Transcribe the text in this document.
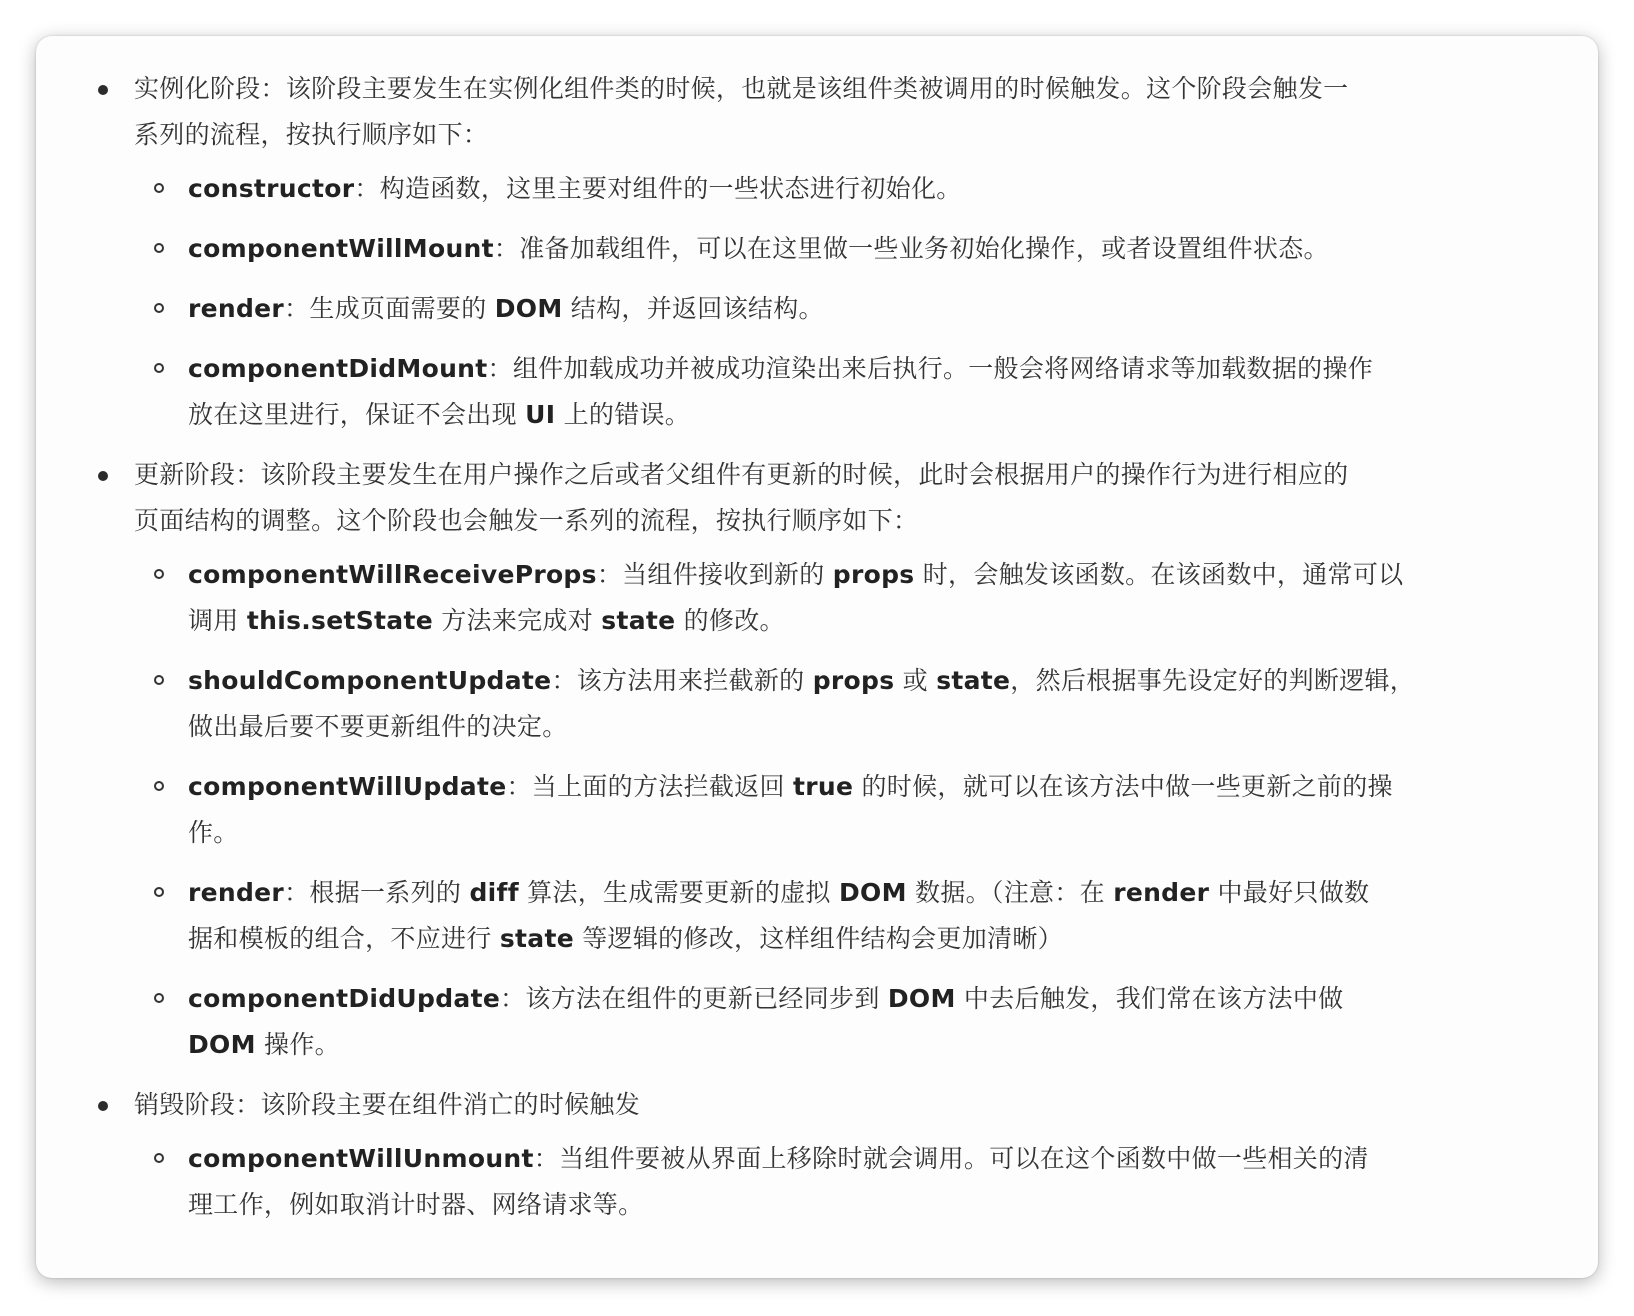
实例化阶段：该阶段主要发生在实例化组件类的时候，也就是该组件类被调用的时候触发。这个阶段会触发一
系列的流程，按执行顺序如下：
constructor：构造函数，这里主要对组件的一些状态进行初始化。
componentWillMount：准备加载组件，可以在这里做一些业务初始化操作，或者设置组件状态。
render：生成页面需要的 DOM 结构，并返回该结构。
componentDidMount：组件加载成功并被成功渲染出来后执行。一般会将网络请求等加载数据的操作
放在这里进行，保证不会出现 UI 上的错误。
更新阶段：该阶段主要发生在用户操作之后或者父组件有更新的时候，此时会根据用户的操作行为进行相应的
页面结构的调整。这个阶段也会触发一系列的流程，按执行顺序如下：
componentWillReceiveProps：当组件接收到新的 props 时，会触发该函数。在该函数中，通常可以
调用 this.setState 方法来完成对 state 的修改。
shouldComponentUpdate：该方法用来拦截新的 props 或 state，然后根据事先设定好的判断逻辑，
做出最后要不要更新组件的决定。
componentWillUpdate：当上面的方法拦截返回 true 的时候，就可以在该方法中做一些更新之前的操
作。
render：根据一系列的 diff 算法，生成需要更新的虚拟 DOM 数据。（注意：在 render 中最好只做数
据和模板的组合，不应进行 state 等逻辑的修改，这样组件结构会更加清晰）
componentDidUpdate：该方法在组件的更新已经同步到 DOM 中去后触发，我们常在该方法中做
DOM 操作。
销毁阶段：该阶段主要在组件消亡的时候触发
componentWillUnmount：当组件要被从界面上移除时就会调用。可以在这个函数中做一些相关的清
理工作，例如取消计时器、网络请求等。
